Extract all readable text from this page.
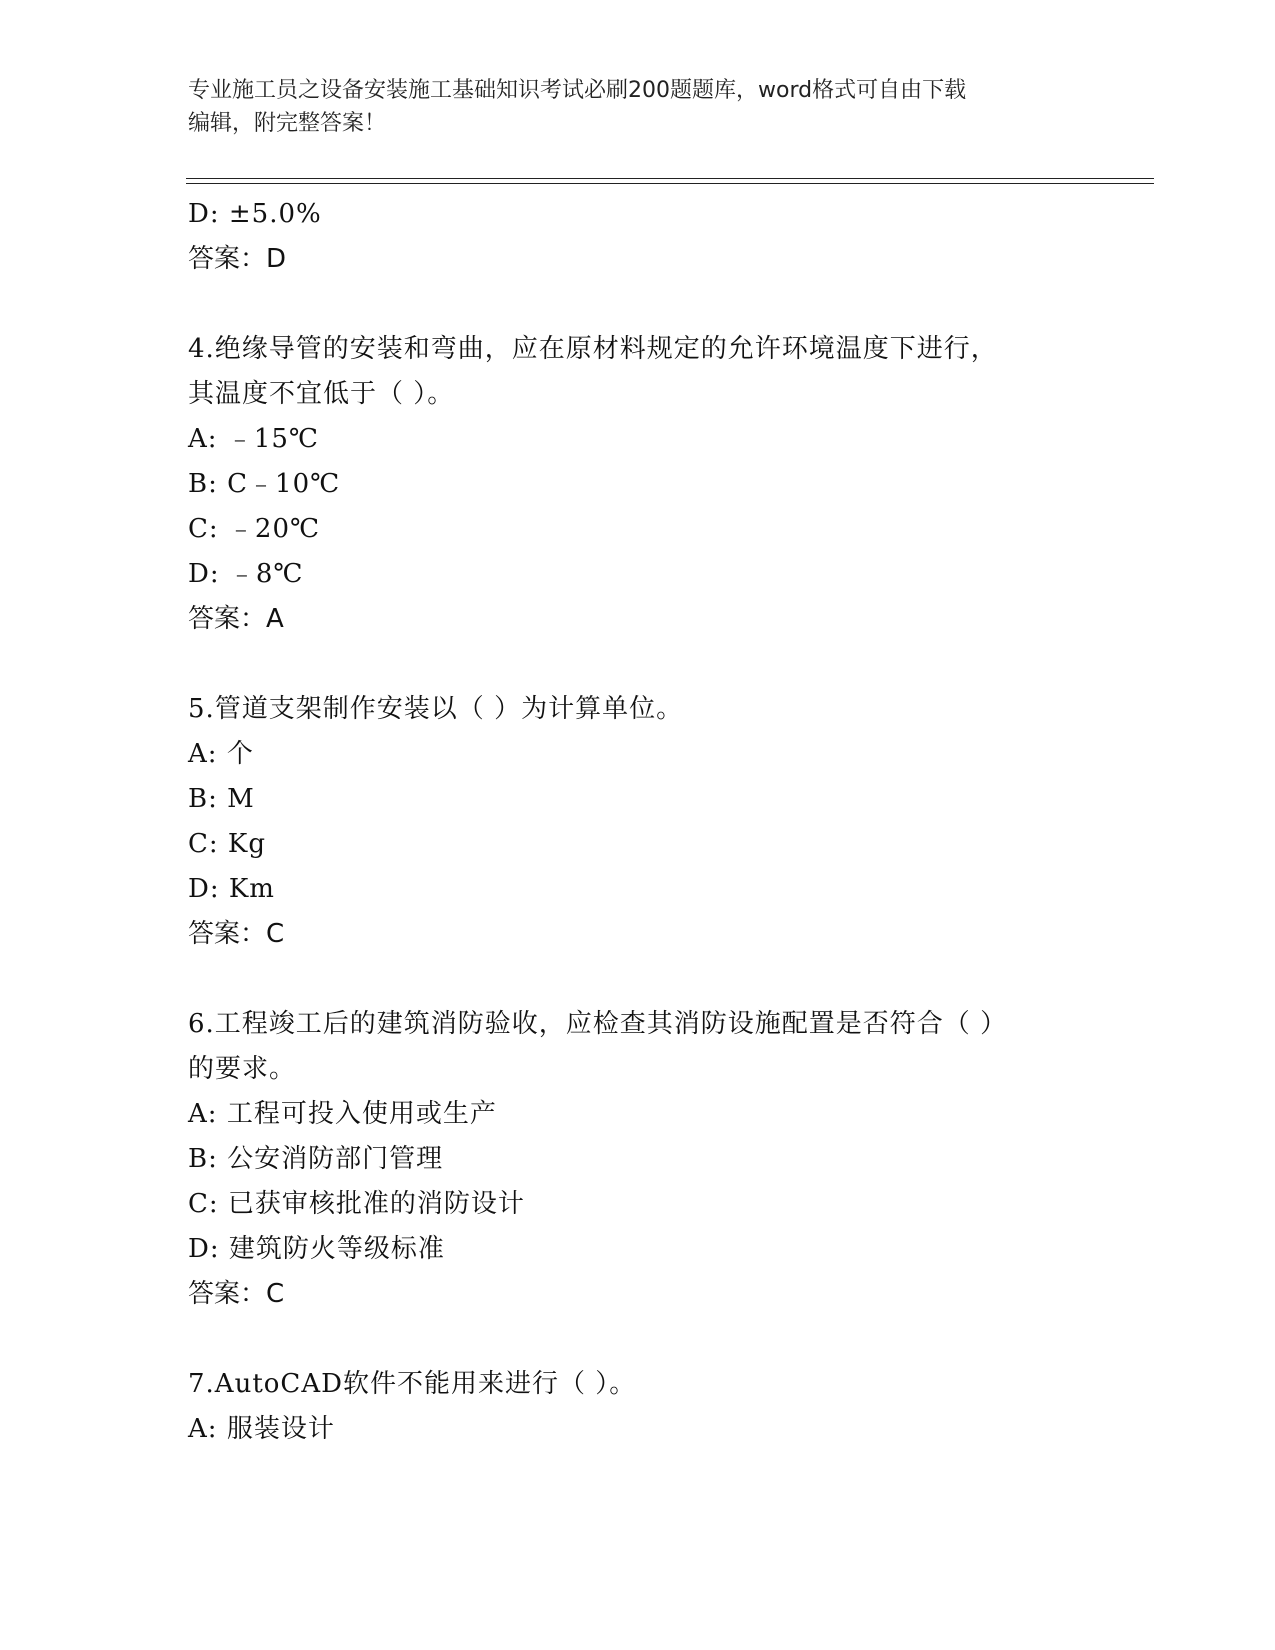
专业施工员之设备安装施工基础知识考试必刷200题题库，word格式可自由下载
编辑，附完整答案！
D: ±5.0%
答案：D
4.绝缘导管的安装和弯曲，应在原材料规定的允许环境温度下进行，
其温度不宜低于（ ）。
A: ﹣15℃
B: C﹣10℃
C: ﹣20℃
D: ﹣8℃
答案：A
5.管道支架制作安装以（ ）为计算单位。
A: 个
B: M
C: Kg
D: Km
答案：C
6.工程竣工后的建筑消防验收，应检查其消防设施配置是否符合（ ）
的要求。
A: 工程可投入使用或生产
B: 公安消防部门管理
C: 已获审核批准的消防设计
D: 建筑防火等级标准
答案：C
7.AutoCAD软件不能用来进行（ ）。
A: 服装设计
